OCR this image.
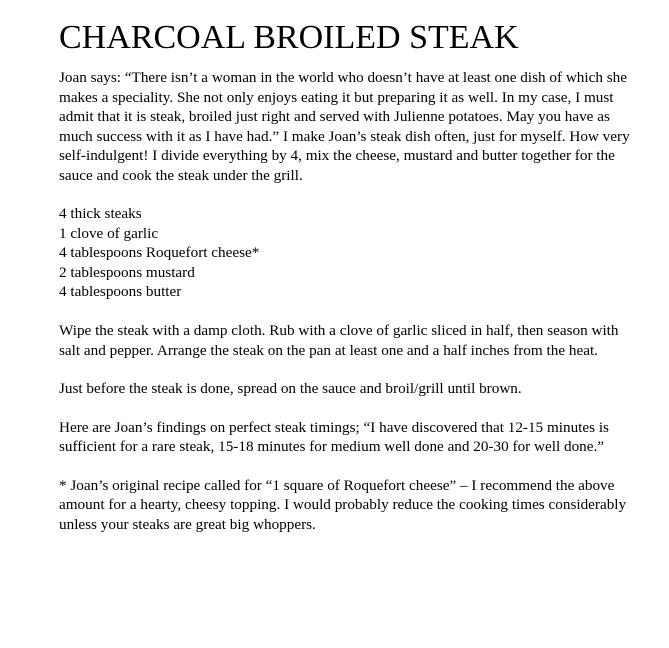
CHARCOAL BROILED STEAK

Joan says: “There isn’t a woman in the world who doesn’t have at least one dish of which she makes a speciality. She not only enjoys eating it but preparing it as well. In my case, I must admit that it is steak, broiled just right and served with Julienne potatoes. May you have as much success with it as I have had.” I make Joan’s steak dish often, just for myself. How very self-indulgent! I divide everything by 4, mix the cheese, mustard and butter together for the sauce and cook the steak under the grill.

4 thick steaks
1 clove of garlic
4 tablespoons Roquefort cheese*
2 tablespoons mustard
4 tablespoons butter

Wipe the steak with a damp cloth. Rub with a clove of garlic sliced in half, then season with salt and pepper. Arrange the steak on the pan at least one and a half inches from the heat.

Just before the steak is done, spread on the sauce and broil/grill until brown.

Here are Joan’s findings on perfect steak timings; “I have discovered that 12-15 minutes is sufficient for a rare steak, 15-18 minutes for medium well done and 20-30 for well done.”

* Joan’s original recipe called for “1 square of Roquefort cheese” – I recommend the above amount for a hearty, cheesy topping. I would probably reduce the cooking times considerably unless your steaks are great big whoppers.
